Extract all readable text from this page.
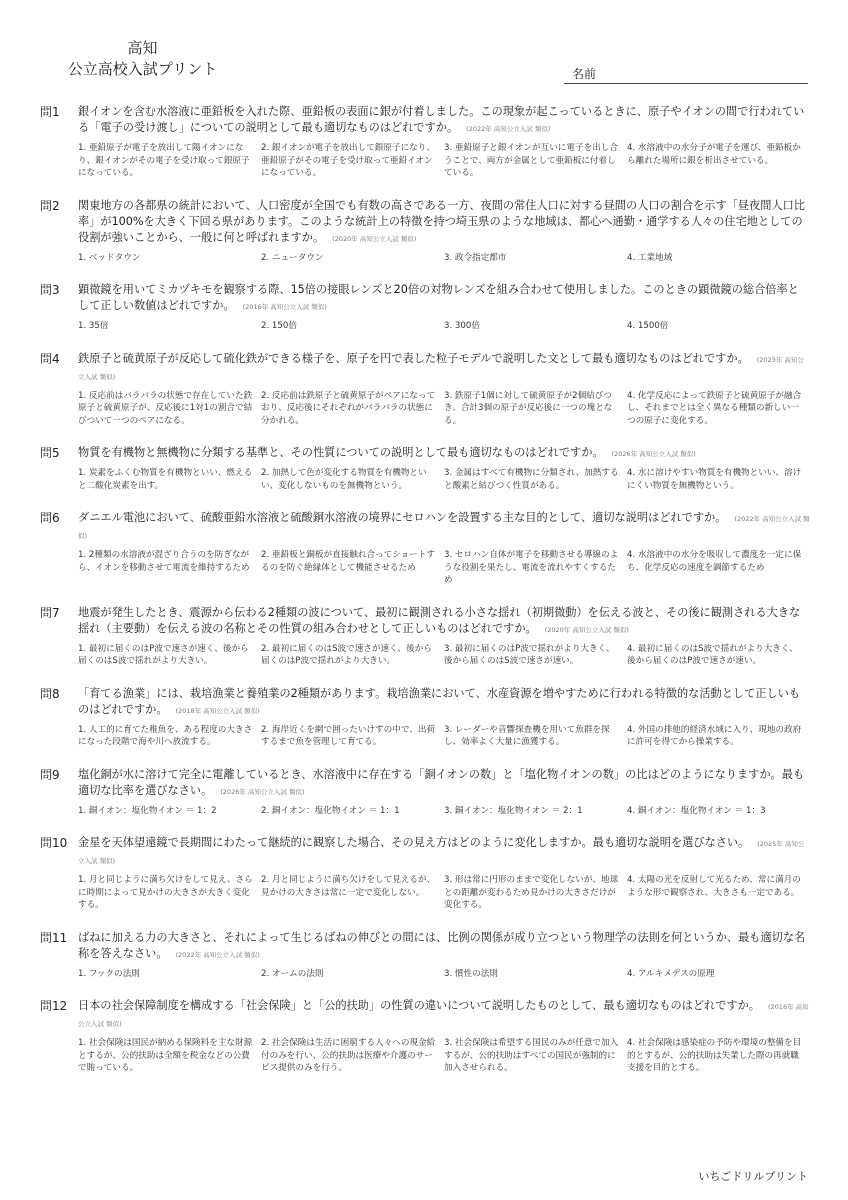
高知
公立高校入試プリント	名前
問1	銀イオンを含む水溶液に亜鉛板を入れた際、亜鉛板の表面に銀が付着しました。この現象が起こっているときに、原子やイオンの間で行われている「電子の受け渡し」についての説明として最も適切なものはどれですか。 (2022年 高知公立入試 類似)
1. 亜鉛原子が電子を放出して陽イオンになり、銀イオンがその電子を受け取って銀原子になっている。
2. 銀イオンが電子を放出して銀原子になり、亜鉛原子がその電子を受け取って亜鉛イオンになっている。
3. 亜鉛原子と銀イオンが互いに電子を出し合うことで、両方が金属として亜鉛板に付着している。
4. 水溶液中の水分子が電子を運び、亜鉛板から離れた場所に銀を析出させている。
問2	関東地方の各都県の統計において、人口密度が全国でも有数の高さである一方、夜間の常住人口に対する昼間の人口の割合を示す「昼夜間人口比率」が100%を大きく下回る県があります。このような統計上の特徴を持つ埼玉県のような地域は、都心へ通勤・通学する人々の住宅地としての役割が強いことから、一般に何と呼ばれますか。 (2020年 高知公立入試 類似)
1. ベッドタウン	2. ニュータウン	3. 政令指定都市	4. 工業地域
問3	顕微鏡を用いてミカヅキモを観察する際、15倍の接眼レンズと20倍の対物レンズを組み合わせて使用しました。このときの顕微鏡の総合倍率として正しい数値はどれですか。 (2016年 高知公立入試 類似)
1. 35倍	2. 150倍	3. 300倍	4. 1500倍
問4	鉄原子と硫黄原子が反応して硫化鉄ができる様子を、原子を円で表した粒子モデルで説明した文として最も適切なものはどれですか。 (2023年 高知公立入試 類似)
1. 反応前はバラバラの状態で存在していた鉄原子と硫黄原子が、反応後に1対1の割合で結びついて一つのペアになる。
2. 反応前は鉄原子と硫黄原子がペアになっており、反応後にそれぞれがバラバラの状態に分かれる。
3. 鉄原子1個に対して硫黄原子が2個結びつき、合計3個の原子が反応後に一つの塊となる。
4. 化学反応によって鉄原子と硫黄原子が融合し、それまでとは全く異なる種類の新しい一つの原子に変化する。
問5	物質を有機物と無機物に分類する基準と、その性質についての説明として最も適切なものはどれですか。 (2026年 高知公立入試 類似)
1. 炭素をふくむ物質を有機物といい、燃えると二酸化炭素を出す。
2. 加熱して色が変化する物質を有機物といい、変化しないものを無機物という。
3. 金属はすべて有機物に分類され、加熱すると酸素と結びつく性質がある。
4. 水に溶けやすい物質を有機物といい、溶けにくい物質を無機物という。
問6	ダニエル電池において、硫酸亜鉛水溶液と硫酸銅水溶液の境界にセロハンを設置する主な目的として、適切な説明はどれですか。 (2022年 高知公立入試 類似)
1. 2種類の水溶液が混ざり合うのを防ぎながら、イオンを移動させて電流を維持するため
2. 亜鉛板と銅板が直接触れ合ってショートするのを防ぐ絶縁体として機能させるため
3. セロハン自体が電子を移動させる導線のような役割を果たし、電流を流れやすくするため
4. 水溶液中の水分を吸収して濃度を一定に保ち、化学反応の速度を調節するため
問7	地震が発生したとき、震源から伝わる2種類の波について、最初に観測される小さな揺れ（初期微動）を伝える波と、その後に観測される大きな揺れ（主要動）を伝える波の名称とその性質の組み合わせとして正しいものはどれですか。 (2020年 高知公立入試 類似)
1. 最初に届くのはP波で速さが速く、後から届くのはS波で揺れがより大きい。
2. 最初に届くのはS波で速さが速く、後から届くのはP波で揺れがより大きい。
3. 最初に届くのはP波で揺れがより大きく、後から届くのはS波で速さが速い。
4. 最初に届くのはS波で揺れがより大きく、後から届くのはP波で速さが速い。
問8	「育てる漁業」には、栽培漁業と養殖業の2種類があります。栽培漁業において、水産資源を増やすために行われる特徴的な活動として正しいものはどれですか。 (2018年 高知公立入試 類似)
1. 人工的に育てた稚魚を、ある程度の大きさになった段階で海や川へ放流する。
2. 海岸近くを網で囲ったいけすの中で、出荷するまで魚を管理して育てる。
3. レーダーや音響探査機を用いて魚群を探し、効率よく大量に漁獲する。
4. 外国の排他的経済水域に入り、現地の政府に許可を得てから操業する。
問9	塩化銅が水に溶けて完全に電離しているとき、水溶液中に存在する「銅イオンの数」と「塩化物イオンの数」の比はどのようになりますか。最も適切な比率を選びなさい。 (2026年 高知公立入試 類似)
1. 銅イオン：塩化物イオン ＝ 1：2	2. 銅イオン：塩化物イオン ＝ 1：1	3. 銅イオン：塩化物イオン ＝ 2：1	4. 銅イオン：塩化物イオン ＝ 1：3
問10 金星を天体望遠鏡で長期間にわたって継続的に観察した場合、その見え方はどのように変化しますか。最も適切な説明を選びなさい。 (2025年 高知公立入試 類似)
1. 月と同じように満ち欠けをして見え、さらに時期によって見かけの大きさが大きく変化する。
2. 月と同じように満ち欠けをして見えるが、見かけの大きさは常に一定で変化しない。
3. 形は常に円形のままで変化しないが、地球との距離が変わるため見かけの大きさだけが変化する。
4. 太陽の光を反射して光るため、常に満月のような形で観察され、大きさも一定である。
問11 ばねに加える力の大きさと、それによって生じるばねの伸びとの間には、比例の関係が成り立つという物理学の法則を何というか、最も適切な名称を答えなさい。 (2022年 高知公立入試 類似)
1. フックの法則	2. オームの法則	3. 慣性の法則	4. アルキメデスの原理
問12 日本の社会保障制度を構成する「社会保険」と「公的扶助」の性質の違いについて説明したものとして、最も適切なものはどれですか。 (2016年 高知公立入試 類似)
1. 社会保険は国民が納める保険料を主な財源とするが、公的扶助は全額を税金などの公費で賄っている。
2. 社会保険は生活に困窮する人々への現金給付のみを行い、公的扶助は医療や介護のサービス提供のみを行う。
3. 社会保険は希望する国民のみが任意で加入するが、公的扶助はすべての国民が強制的に加入させられる。
4. 社会保険は感染症の予防や環境の整備を目的とするが、公的扶助は失業した際の再就職支援を目的とする。
いちごドリルプリント
